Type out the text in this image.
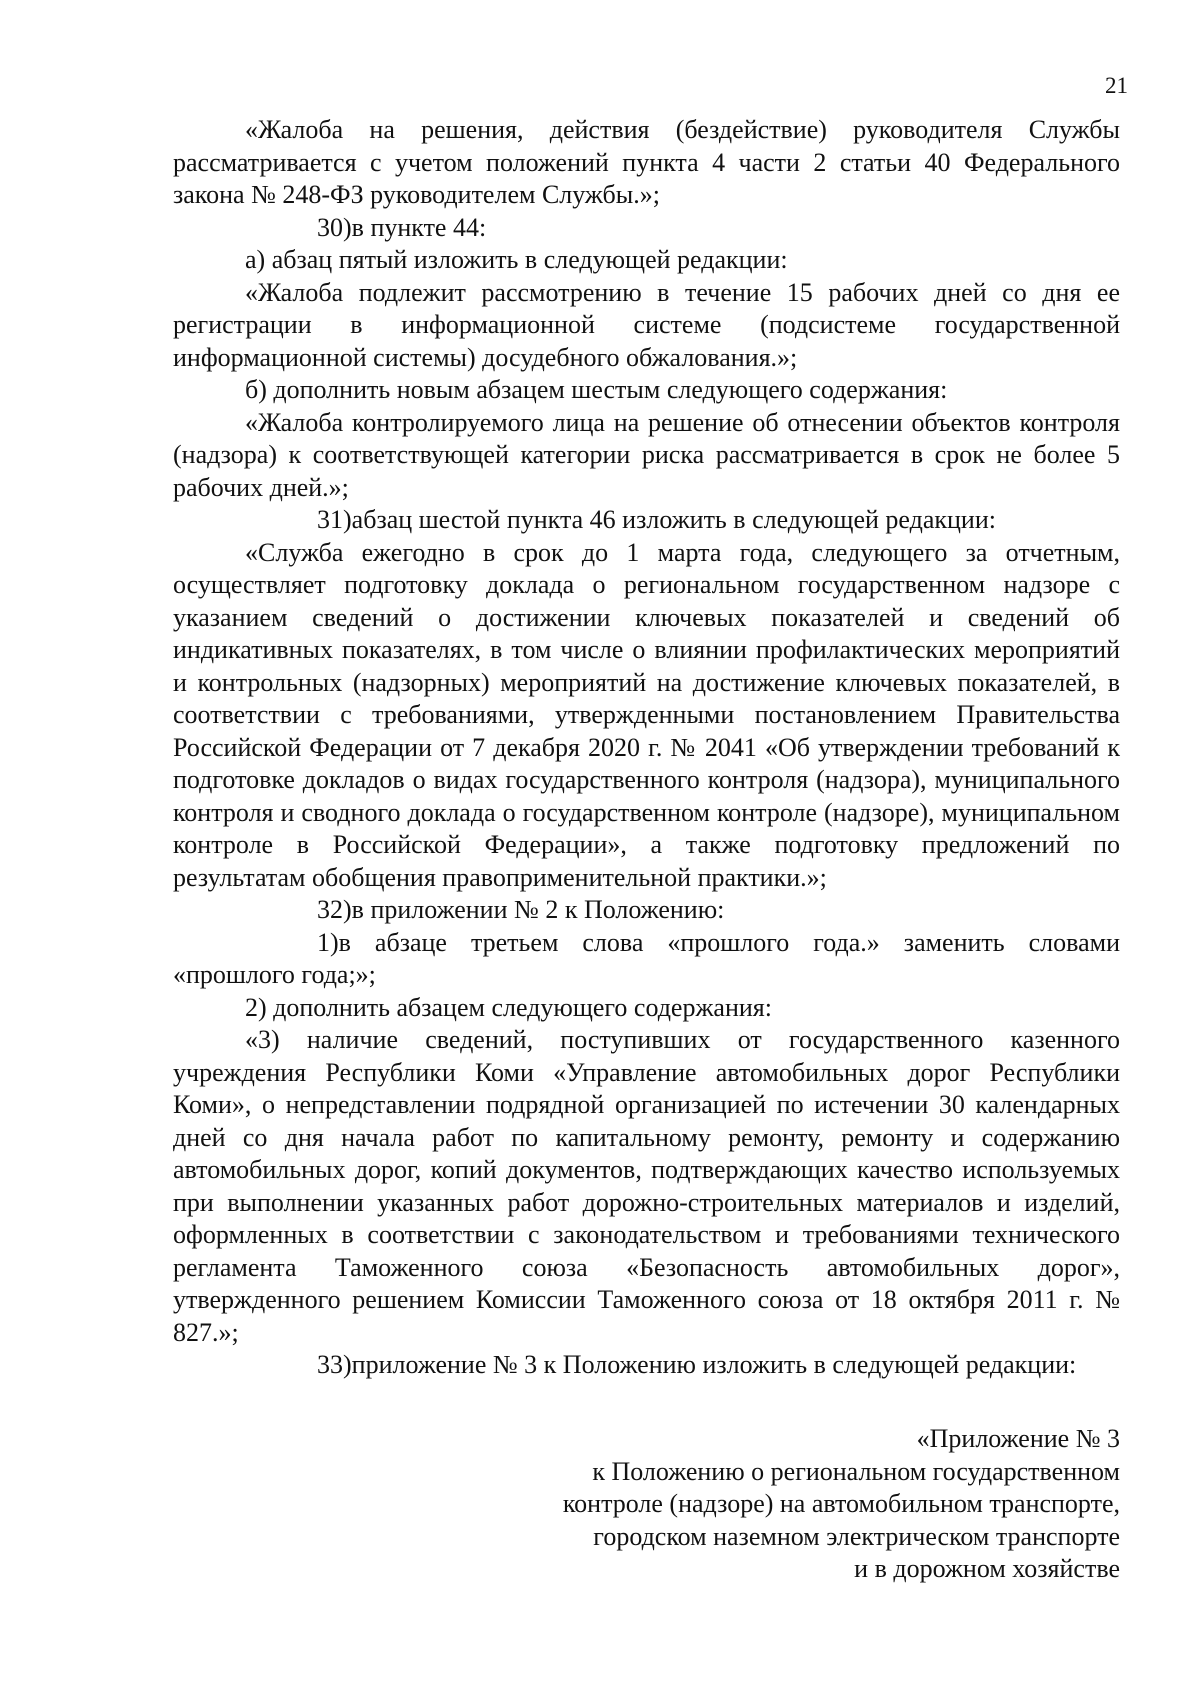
21

«Жалоба на решения, действия (бездействие) руководителя Службы рассматривается с учетом положений пункта 4 части 2 статьи 40 Федерального закона № 248-ФЗ руководителем Службы.»;

30)в пункте 44:

а) абзац пятый изложить в следующей редакции:

«Жалоба подлежит рассмотрению в течение 15 рабочих дней со дня ее регистрации в информационной системе (подсистеме государственной информационной системы) досудебного обжалования.»;

б) дополнить новым абзацем шестым следующего содержания:

«Жалоба контролируемого лица на решение об отнесении объектов контроля (надзора) к соответствующей категории риска рассматривается в срок не более 5 рабочих дней.»;

31)абзац шестой пункта 46 изложить в следующей редакции:

«Служба ежегодно в срок до 1 марта года, следующего за отчетным, осуществляет подготовку доклада о региональном государственном надзоре с указанием сведений о достижении ключевых показателей и сведений об индикативных показателях, в том числе о влиянии профилактических мероприятий и контрольных (надзорных) мероприятий на достижение ключевых показателей, в соответствии с требованиями, утвержденными постановлением Правительства Российской Федерации от 7 декабря 2020 г. № 2041 «Об утверждении требований к подготовке докладов о видах государственного контроля (надзора), муниципального контроля и сводного доклада о государственном контроле (надзоре), муниципальном контроле в Российской Федерации», а также подготовку предложений по результатам обобщения правоприменительной практики.»;

32)в приложении № 2 к Положению:

1)в абзаце третьем слова «прошлого года.» заменить словами «прошлого года;»;

2) дополнить абзацем следующего содержания:

«3) наличие сведений, поступивших от государственного казенного учреждения Республики Коми «Управление автомобильных дорог Республики Коми», о непредставлении подрядной организацией по истечении 30 календарных дней со дня начала работ по капитальному ремонту, ремонту и содержанию автомобильных дорог, копий документов, подтверждающих качество используемых при выполнении указанных работ дорожно-строительных материалов и изделий, оформленных в соответствии с законодательством и требованиями технического регламента Таможенного союза «Безопасность автомобильных дорог», утвержденного решением Комиссии Таможенного союза от 18 октября 2011 г. № 827.»;

33)приложение № 3 к Положению изложить в следующей редакции:

«Приложение № 3
к Положению о региональном государственном
контроле (надзоре) на автомобильном транспорте,
городском наземном электрическом транспорте
и в дорожном хозяйстве
